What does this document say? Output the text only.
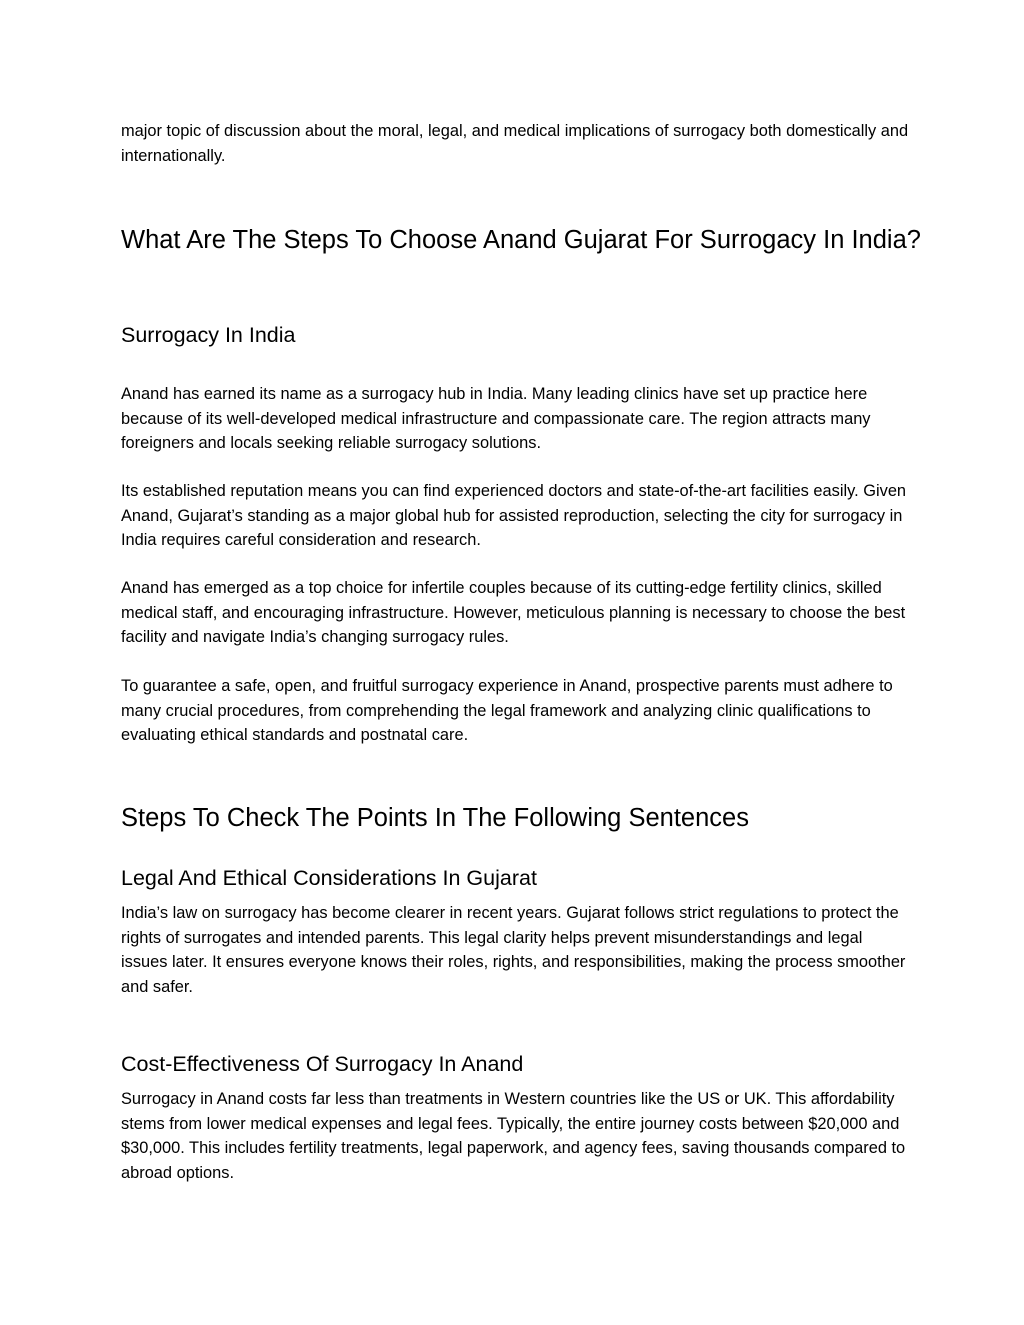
major topic of discussion about the moral, legal, and medical implications of surrogacy both domestically and internationally.

What Are The Steps To Choose Anand Gujarat For Surrogacy In India?
Surrogacy In India

Anand has earned its name as a surrogacy hub in India. Many leading clinics have set up practice here because of its well-developed medical infrastructure and compassionate care. The region attracts many foreigners and locals seeking reliable surrogacy solutions.

Its established reputation means you can find experienced doctors and state-of-the-art facilities easily. Given Anand, Gujarat’s standing as a major global hub for assisted reproduction, selecting the city for surrogacy in India requires careful consideration and research.

Anand has emerged as a top choice for infertile couples because of its cutting-edge fertility clinics, skilled medical staff, and encouraging infrastructure. However, meticulous planning is necessary to choose the best facility and navigate India’s changing surrogacy rules.

To guarantee a safe, open, and fruitful surrogacy experience in Anand, prospective parents must adhere to many crucial procedures, from comprehending the legal framework and analyzing clinic qualifications to evaluating ethical standards and postnatal care.

Steps To Check The Points In The Following Sentences
Legal And Ethical Considerations In Gujarat

India’s law on surrogacy has become clearer in recent years. Gujarat follows strict regulations to protect the rights of surrogates and intended parents. This legal clarity helps prevent misunderstandings and legal issues later. It ensures everyone knows their roles, rights, and responsibilities, making the process smoother and safer.

Cost-Effectiveness Of Surrogacy In Anand

Surrogacy in Anand costs far less than treatments in Western countries like the US or UK. This affordability stems from lower medical expenses and legal fees. Typically, the entire journey costs between $20,000 and $30,000. This includes fertility treatments, legal paperwork, and agency fees, saving thousands compared to abroad options.
